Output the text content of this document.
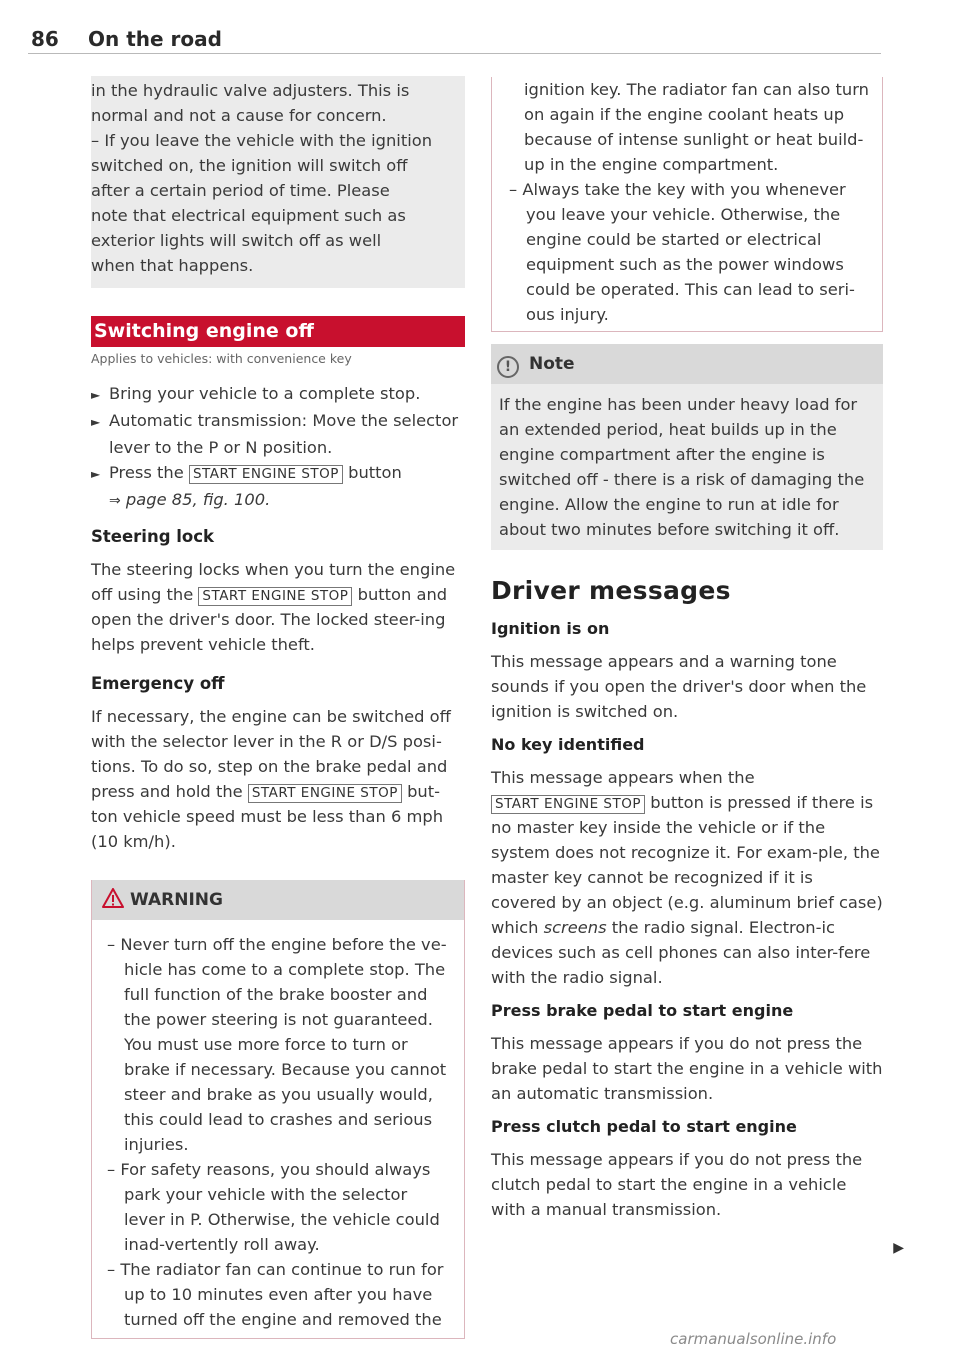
86 On the road
in the hydraulic valve adjusters. This is
normal and not a cause for concern.
– If you leave the vehicle with the ignition
switched on, the ignition will switch off
after a certain period of time. Please
note that electrical equipment such as
exterior lights will switch off as well
when that happens.
Switching engine off
Applies to vehicles: with convenience key
► Bring your vehicle to a complete stop.
► Automatic transmission: Move the selector
lever to the P or N position.
► Press the START ENGINE STOP button
⇒ page 85, fig. 100.
Steering lock
The steering locks when you turn the engine off using the START ENGINE STOP button and open the driver's door. The locked steer-ing helps prevent vehicle theft.
Emergency off
If necessary, the engine can be switched off with the selector lever in the R or D/S posi-tions. To do so, step on the brake pedal and press and hold the START ENGINE STOP but-ton vehicle speed must be less than 6 mph (10 km/h).
WARNING
– Never turn off the engine before the ve-hicle has come to a complete stop. The full function of the brake booster and the power steering is not guaranteed. You must use more force to turn or brake if necessary. Because you cannot steer and brake as you usually would, this could lead to crashes and serious injuries.
– For safety reasons, you should always park your vehicle with the selector lever in P. Otherwise, the vehicle could inad-vertently roll away.
– The radiator fan can continue to run for up to 10 minutes even after you have turned off the engine and removed the
ignition key. The radiator fan can also turn on again if the engine coolant heats up because of intense sunlight or heat build-up in the engine compartment.
– Always take the key with you whenever you leave your vehicle. Otherwise, the engine could be started or electrical equipment such as the power windows could be operated. This can lead to seri-ous injury.
! Note
If the engine has been under heavy load for an extended period, heat builds up in the engine compartment after the engine is switched off - there is a risk of damaging the engine. Allow the engine to run at idle for about two minutes before switching it off.
Driver messages
Ignition is on
This message appears and a warning tone sounds if you open the driver's door when the ignition is switched on.
No key identified
This message appears when the START ENGINE STOP button is pressed if there is no master key inside the vehicle or if the system does not recognize it. For exam-ple, the master key cannot be recognized if it is covered by an object (e.g. aluminum brief case) which screens the radio signal. Electron-ic devices such as cell phones can also inter-fere with the radio signal.
Press brake pedal to start engine
This message appears if you do not press the brake pedal to start the engine in a vehicle with an automatic transmission.
Press clutch pedal to start engine
This message appears if you do not press the clutch pedal to start the engine in a vehicle with a manual transmission.
▶
carmanualsonline.info
